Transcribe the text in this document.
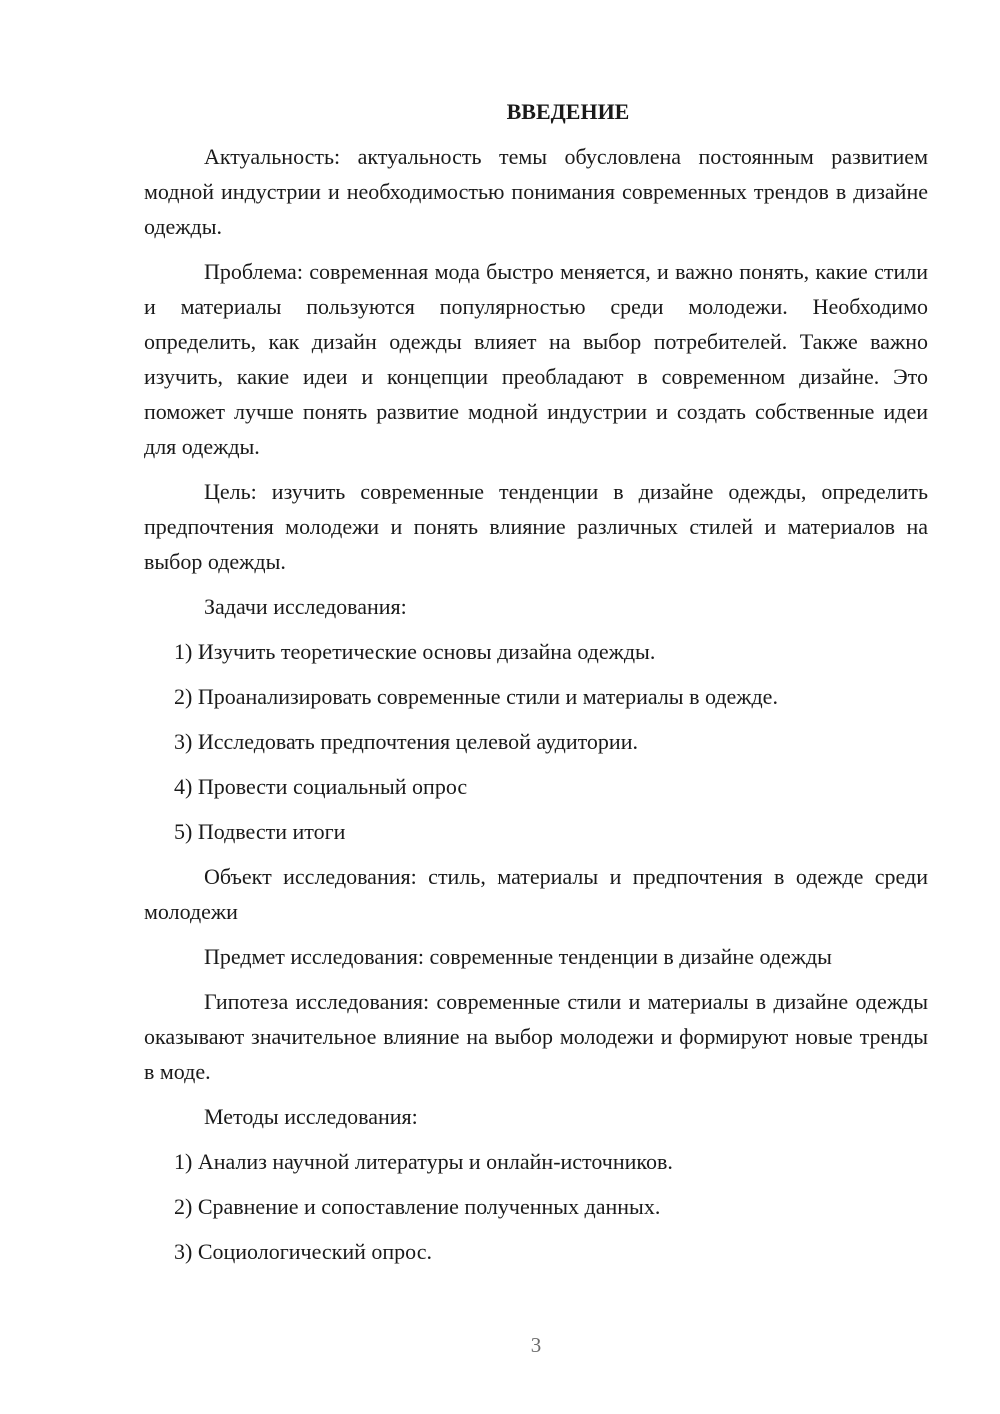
ВВЕДЕНИЕ

Актуальность: актуальность темы обусловлена постоянным развитием модной индустрии и необходимостью понимания современных трендов в дизайне одежды.

Проблема: современная мода быстро меняется, и важно понять, какие стили и материалы пользуются популярностью среди молодежи. Необходимо определить, как дизайн одежды влияет на выбор потребителей. Также важно изучить, какие идеи и концепции преобладают в современном дизайне. Это поможет лучше понять развитие модной индустрии и создать собственные идеи для одежды.

Цель: изучить современные тенденции в дизайне одежды, определить предпочтения молодежи и понять влияние различных стилей и материалов на выбор одежды.

Задачи исследования:

1) Изучить теоретические основы дизайна одежды.

2) Проанализировать современные стили и материалы в одежде.

3) Исследовать предпочтения целевой аудитории.

4) Провести социальный опрос

5) Подвести итоги

Объект исследования: стиль, материалы и предпочтения в одежде среди молодежи

Предмет исследования: современные тенденции в дизайне одежды

Гипотеза исследования: современные стили и материалы в дизайне одежды оказывают значительное влияние на выбор молодежи и формируют новые тренды в моде.

Методы исследования:

1) Анализ научной литературы и онлайн-источников.

2) Сравнение и сопоставление полученных данных.

3) Социологический опрос.

3
